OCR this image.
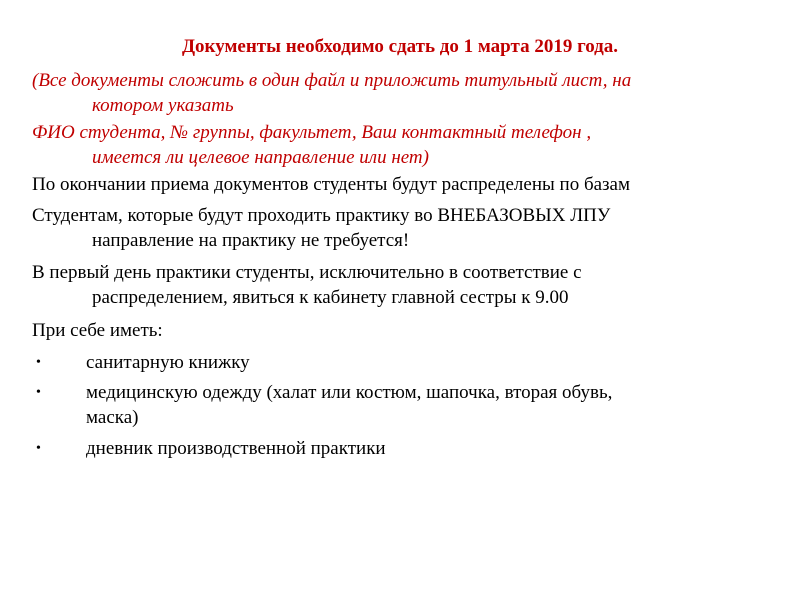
Документы необходимо сдать до 1 марта 2019 года.
(Все документы сложить в один файл и приложить титульный лист, на
котором указать
ФИО студента, № группы, факультет, Ваш контактный телефон ,
имеется ли целевое направление или нет)
По окончании приема документов студенты будут распределены по базам
Студентам, которые будут проходить практику во ВНЕБАЗОВЫХ ЛПУ
направление на практику не требуется!
В первый день практики студенты, исключительно в соответствие с
распределением, явиться к кабинету главной сестры к 9.00
При себе иметь:
• санитарную книжку
• медицинскую одежду (халат или костюм, шапочка, вторая обувь,
маска)
• дневник производственной практики
